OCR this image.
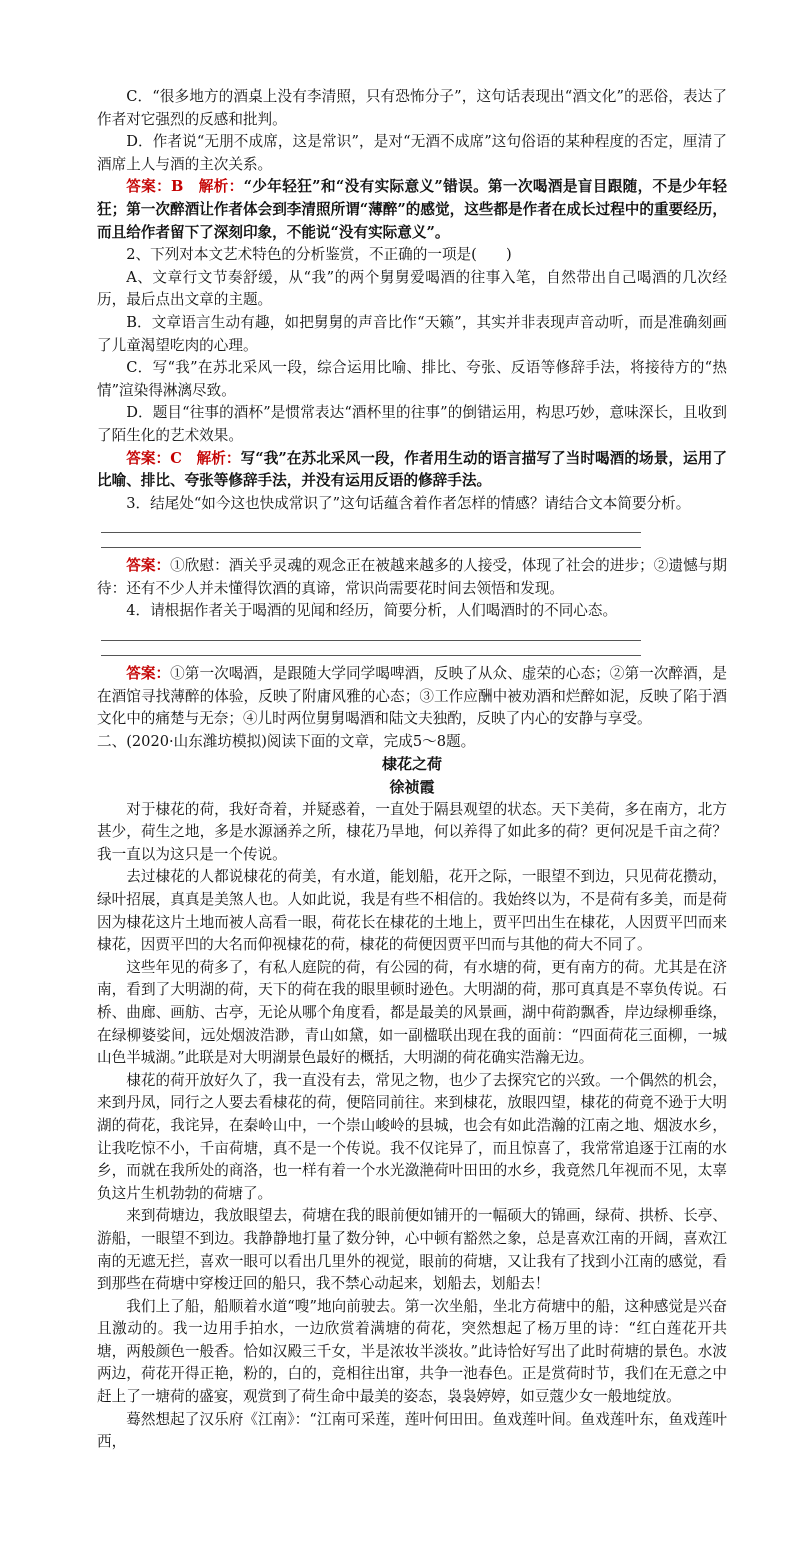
C．“很多地方的酒桌上没有李清照，只有恐怖分子”，这句话表现出“酒文化”的恶俗，表达了作者对它强烈的反感和批判。

D．作者说“无朋不成席，这是常识”，是对“无酒不成席”这句俗语的某种程度的否定，厘清了酒席上人与酒的主次关系。

答案：B　解析：“少年轻狂”和“没有实际意义”错误。第一次喝酒是盲目跟随，不是少年轻狂；第一次醉酒让作者体会到李清照所谓“薄醉”的感觉，这些都是作者在成长过程中的重要经历，而且给作者留下了深刻印象，不能说“没有实际意义”。

2、下列对本文艺术特色的分析鉴赏，不正确的一项是(　　)

A、文章行文节奏舒缓，从“我”的两个舅舅爱喝酒的往事入笔，自然带出自己喝酒的几次经历，最后点出文章的主题。

B．文章语言生动有趣，如把舅舅的声音比作“天籁”，其实并非表现声音动听，而是准确刻画了儿童渴望吃肉的心理。

C．写“我”在苏北采风一段，综合运用比喻、排比、夸张、反语等修辞手法，将接待方的“热情”渲染得淋漓尽致。

D．题目“往事的酒杯”是惯常表达“酒杯里的往事”的倒错运用，构思巧妙，意味深长，且收到了陌生化的艺术效果。

答案：C　解析：写“我”在苏北采风一段，作者用生动的语言描写了当时喝酒的场景，运用了比喻、排比、夸张等修辞手法，并没有运用反语的修辞手法。

3．结尾处“如今这也快成常识了”这句话蕴含着作者怎样的情感？请结合文本简要分析。

答案：①欣慰：酒关乎灵魂的观念正在被越来越多的人接受，体现了社会的进步；②遗憾与期待：还有不少人并未懂得饮酒的真谛，常识尚需要花时间去领悟和发现。

4．请根据作者关于喝酒的见闻和经历，简要分析，人们喝酒时的不同心态。

答案：①第一次喝酒，是跟随大学同学喝啤酒，反映了从众、虚荣的心态；②第一次醉酒，是在酒馆寻找薄醉的体验，反映了附庸风雅的心态；③工作应酬中被劝酒和烂醉如泥，反映了陷于酒文化中的痛楚与无奈；④儿时两位舅舅喝酒和陆文夫独酌，反映了内心的安静与享受。

二、(2020·山东潍坊模拟)阅读下面的文章，完成5～8题。

棣花之荷

徐祯霞

对于棣花的荷，我好奇着，并疑惑着，一直处于隔县观望的状态。天下美荷，多在南方，北方甚少，荷生之地，多是水源涵养之所，棣花乃旱地，何以养得了如此多的荷？更何况是千亩之荷？我一直以为这只是一个传说。

去过棣花的人都说棣花的荷美，有水道，能划船，花开之际，一眼望不到边，只见荷花攒动，绿叶招展，真真是美煞人也。人如此说，我是有些不相信的。我始终以为，不是荷有多美，而是荷因为棣花这片土地而被人高看一眼，荷花长在棣花的土地上，贾平凹出生在棣花，人因贾平凹而来棣花，因贾平凹的大名而仰视棣花的荷，棣花的荷便因贾平凹而与其他的荷大不同了。

这些年见的荷多了，有私人庭院的荷，有公园的荷，有水塘的荷，更有南方的荷。尤其是在济南，看到了大明湖的荷，天下的荷在我的眼里顿时逊色。大明湖的荷，那可真真是不辜负传说。石桥、曲廊、画舫、古亭，无论从哪个角度看，都是最美的风景画，湖中荷韵飘香，岸边绿柳垂绦，在绿柳婆娑间，远处烟波浩渺，青山如黛，如一副楹联出现在我的面前：“四面荷花三面柳，一城山色半城湖。”此联是对大明湖景色最好的概括，大明湖的荷花确实浩瀚无边。

棣花的荷开放好久了，我一直没有去，常见之物，也少了去探究它的兴致。一个偶然的机会，来到丹凤，同行之人要去看棣花的荷，便陪同前往。来到棣花，放眼四望，棣花的荷竟不逊于大明湖的荷花，我诧异，在秦岭山中，一个崇山峻岭的县城，也会有如此浩瀚的江南之地、烟波水乡，让我吃惊不小，千亩荷塘，真不是一个传说。我不仅诧异了，而且惊喜了，我常常追逐于江南的水乡，而就在我所处的商洛，也一样有着一个水光潋滟荷叶田田的水乡，我竟然几年视而不见，太辜负这片生机勃勃的荷塘了。

来到荷塘边，我放眼望去，荷塘在我的眼前便如铺开的一幅硕大的锦画，绿荷、拱桥、长亭、游船，一眼望不到边。我静静地打量了数分钟，心中顿有豁然之象，总是喜欢江南的开阔，喜欢江南的无遮无拦，喜欢一眼可以看出几里外的视觉，眼前的荷塘，又让我有了找到小江南的感觉，看到那些在荷塘中穿梭迂回的船只，我不禁心动起来，划船去，划船去！

我们上了船，船顺着水道“嗖”地向前驶去。第一次坐船，坐北方荷塘中的船，这种感觉是兴奋且激动的。我一边用手拍水，一边欣赏着满塘的荷花，突然想起了杨万里的诗：“红白莲花开共塘，两般颜色一般香。恰如汉殿三千女，半是浓妆半淡妆。”此诗恰好写出了此时荷塘的景色。水波两边，荷花开得正艳，粉的，白的，竞相往出窜，共争一池春色。正是赏荷时节，我们在无意之中赶上了一塘荷的盛宴，观赏到了荷生命中最美的姿态，袅袅婷婷，如豆蔻少女一般地绽放。

蓦然想起了汉乐府《江南》：“江南可采莲，莲叶何田田。鱼戏莲叶间。鱼戏莲叶东，鱼戏莲叶西，
